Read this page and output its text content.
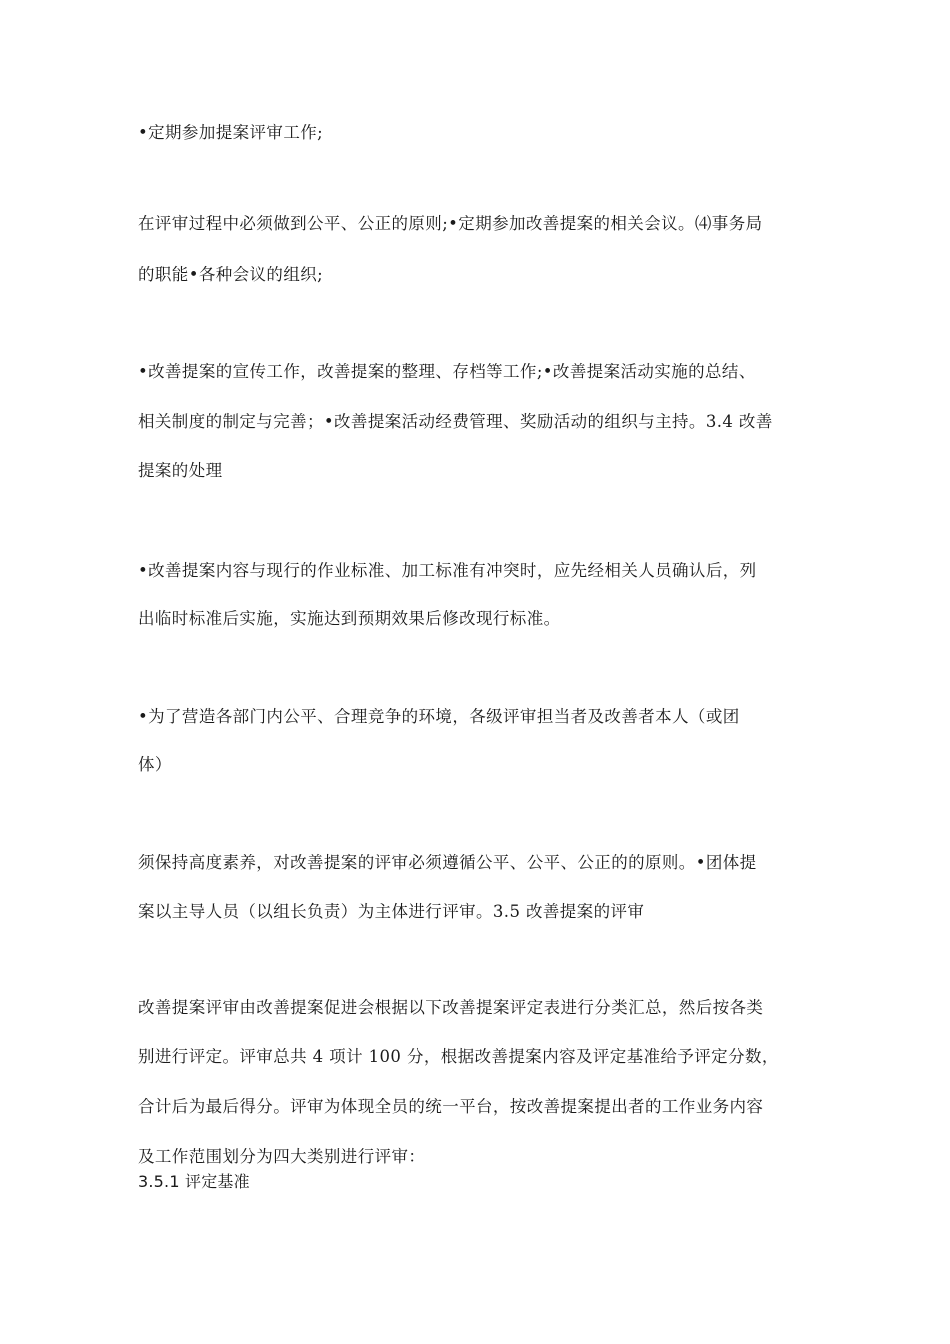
•定期参加提案评审工作;
在评审过程中必须做到公平、公正的原则;•定期参加改善提案的相关会议。⑷事务局
的职能•各种会议的组织;
•改善提案的宣传工作，改善提案的整理、存档等工作;•改善提案活动实施的总结、
相关制度的制定与完善；•改善提案活动经费管理、奖励活动的组织与主持。3.4 改善
提案的处理
•改善提案内容与现行的作业标准、加工标准有冲突时，应先经相关人员确认后，列
出临时标准后实施，实施达到预期效果后修改现行标准。
•为了营造各部门内公平、合理竞争的环境，各级评审担当者及改善者本人（或团
体）
须保持高度素养，对改善提案的评审必须遵循公平、公平、公正的的原则。•团体提
案以主导人员（以组长负责）为主体进行评审。3.5 改善提案的评审
改善提案评审由改善提案促进会根据以下改善提案评定表进行分类汇总，然后按各类
别进行评定。评审总共 4 项计 100 分，根据改善提案内容及评定基准给予评定分数，
合计后为最后得分。评审为体现全员的统一平台，按改善提案提出者的工作业务内容
及工作范围划分为四大类别进行评审：
3.5.1 评定基准
